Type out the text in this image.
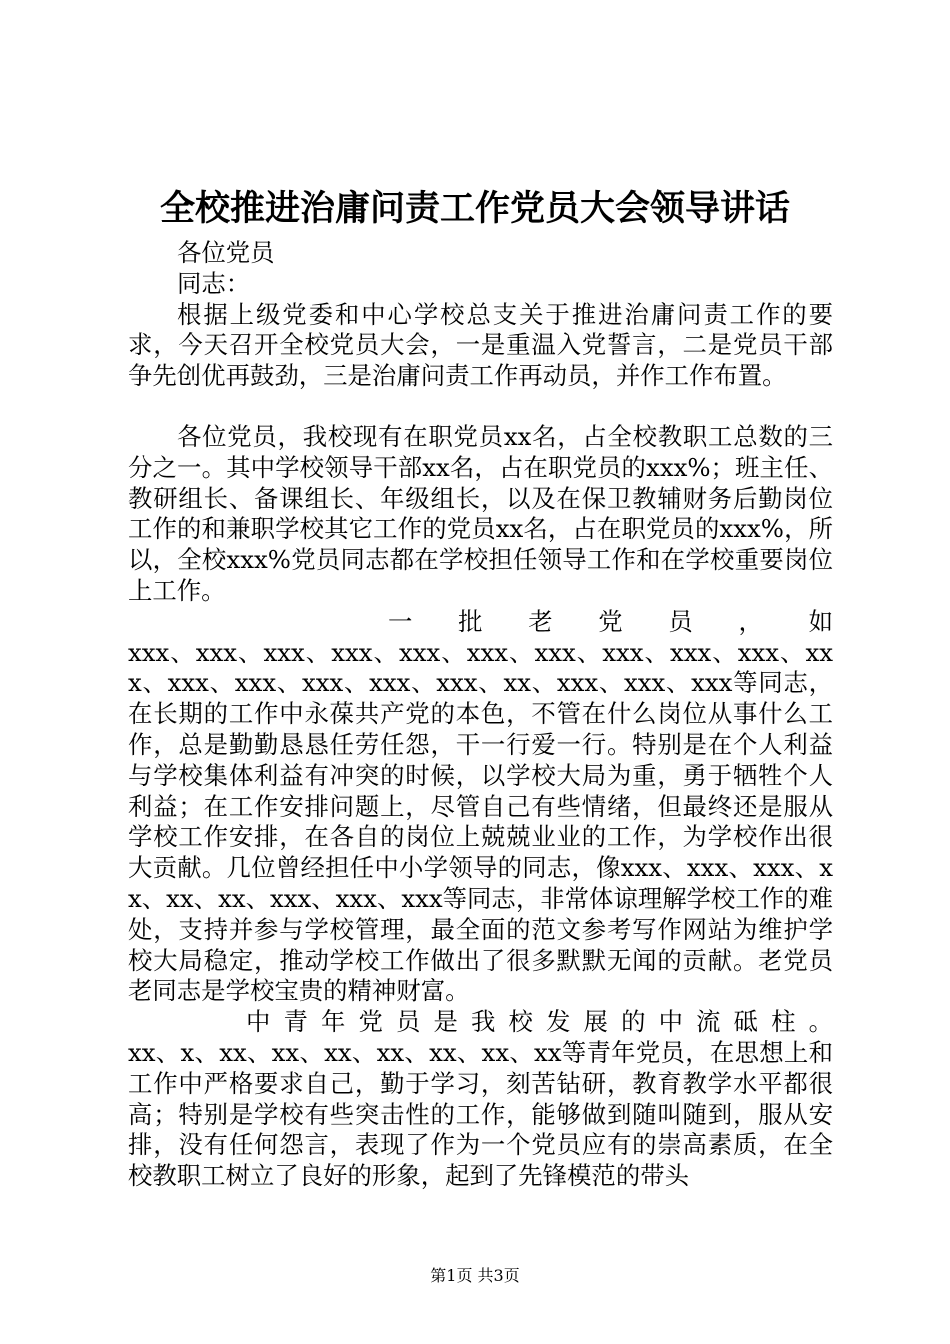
全校推进治庸问责工作党员大会领导讲话

各位党员

同志：

根据上级党委和中心学校总支关于推进治庸问责工作的要求，今天召开全校党员大会，一是重温入党誓言，二是党员干部争先创优再鼓劲，三是治庸问责工作再动员，并作工作布置。

各位党员，我校现有在职党员xx名，占全校教职工总数的三分之一。其中学校领导干部xx名，占在职党员的xxx%；班主任、教研组长、备课组长、年级组长，以及在保卫教辅财务后勤岗位工作的和兼职学校其它工作的党员xx名，占在职党员的xxx%，所以，全校xxx%党员同志都在学校担任领导工作和在学校重要岗位上工作。

一批老党员，如

xxx、xxx、xxx、xxx、xxx、xxx、xxx、xxx、xxx、xxx、xxx、xxx、xxx、xxx、xxx、xxx、xx、xxx、xxx、xxx等同志，在长期的工作中永葆共产党的本色，不管在什么岗位从事什么工作，总是勤勤恳恳任劳任怨，干一行爱一行。特别是在个人利益与学校集体利益有冲突的时候，以学校大局为重，勇于牺牲个人利益；在工作安排问题上，尽管自己有些情绪，但最终还是服从学校工作安排，在各自的岗位上兢兢业业的工作，为学校作出很大贡献。几位曾经担任中小学领导的同志，像xxx、xxx、xxx、xx、xx、xx、xxx、xxx、xxx等同志，非常体谅理解学校工作的难处，支持并参与学校管理，最全面的范文参考写作网站为维护学校大局稳定，推动学校工作做出了很多默默无闻的贡献。老党员老同志是学校宝贵的精神财富。

中青年党员是我校发展的中流砥柱。

xx、x、xx、xx、xx、xx、xx、xx、xx等青年党员，在思想上和工作中严格要求自己，勤于学习，刻苦钻研，教育教学水平都很高；特别是学校有些突击性的工作，能够做到随叫随到，服从安排，没有任何怨言，表现了作为一个党员应有的崇高素质，在全校教职工树立了良好的形象，起到了先锋模范的带头

第1页 共3页
